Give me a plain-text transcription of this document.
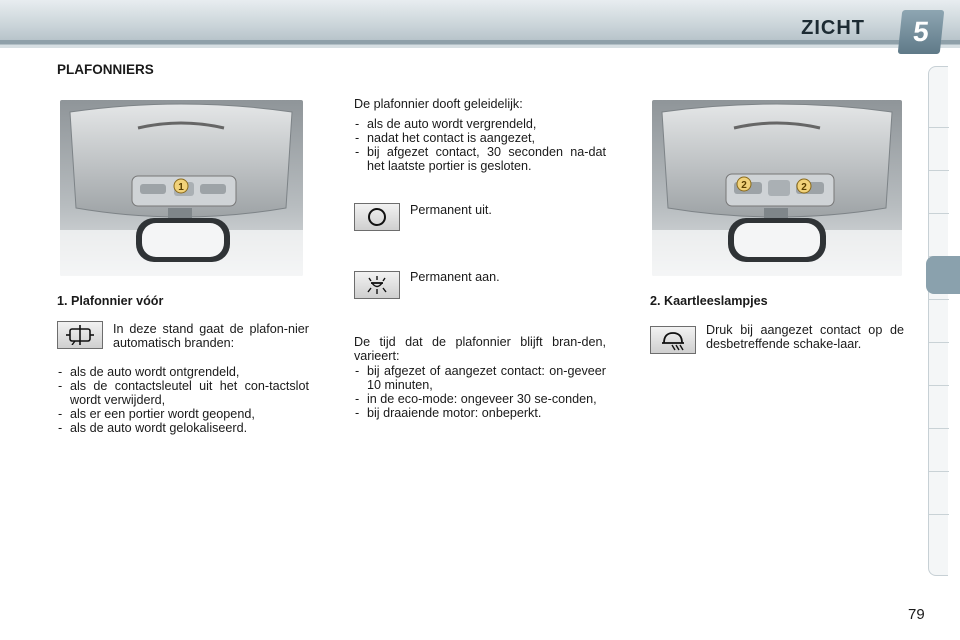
ZICHT	5
PLAFONNIERS
1	2	2
1. Plafonnier vóór
In deze stand gaat de plafon-nier automatisch branden:
- als de auto wordt ontgrendeld,
- als de contactsleutel uit het con-tactslot wordt verwijderd,
- als er een portier wordt geopend,
- als de auto wordt gelokaliseerd.
De plafonnier dooft geleidelijk:
- als de auto wordt vergrendeld,
- nadat het contact is aangezet,
- bij afgezet contact, 30 seconden na-dat het laatste portier is gesloten.
Permanent uit.
Permanent aan.
De tijd dat de plafonnier blijft bran-den, varieert:
- bij afgezet of aangezet contact: on-geveer 10 minuten,
- in de eco-mode: ongeveer 30 se-conden,
- bij draaiende motor: onbeperkt.
2. Kaartleeslampjes
Druk bij aangezet contact op de desbetreffende schake-laar.
79
